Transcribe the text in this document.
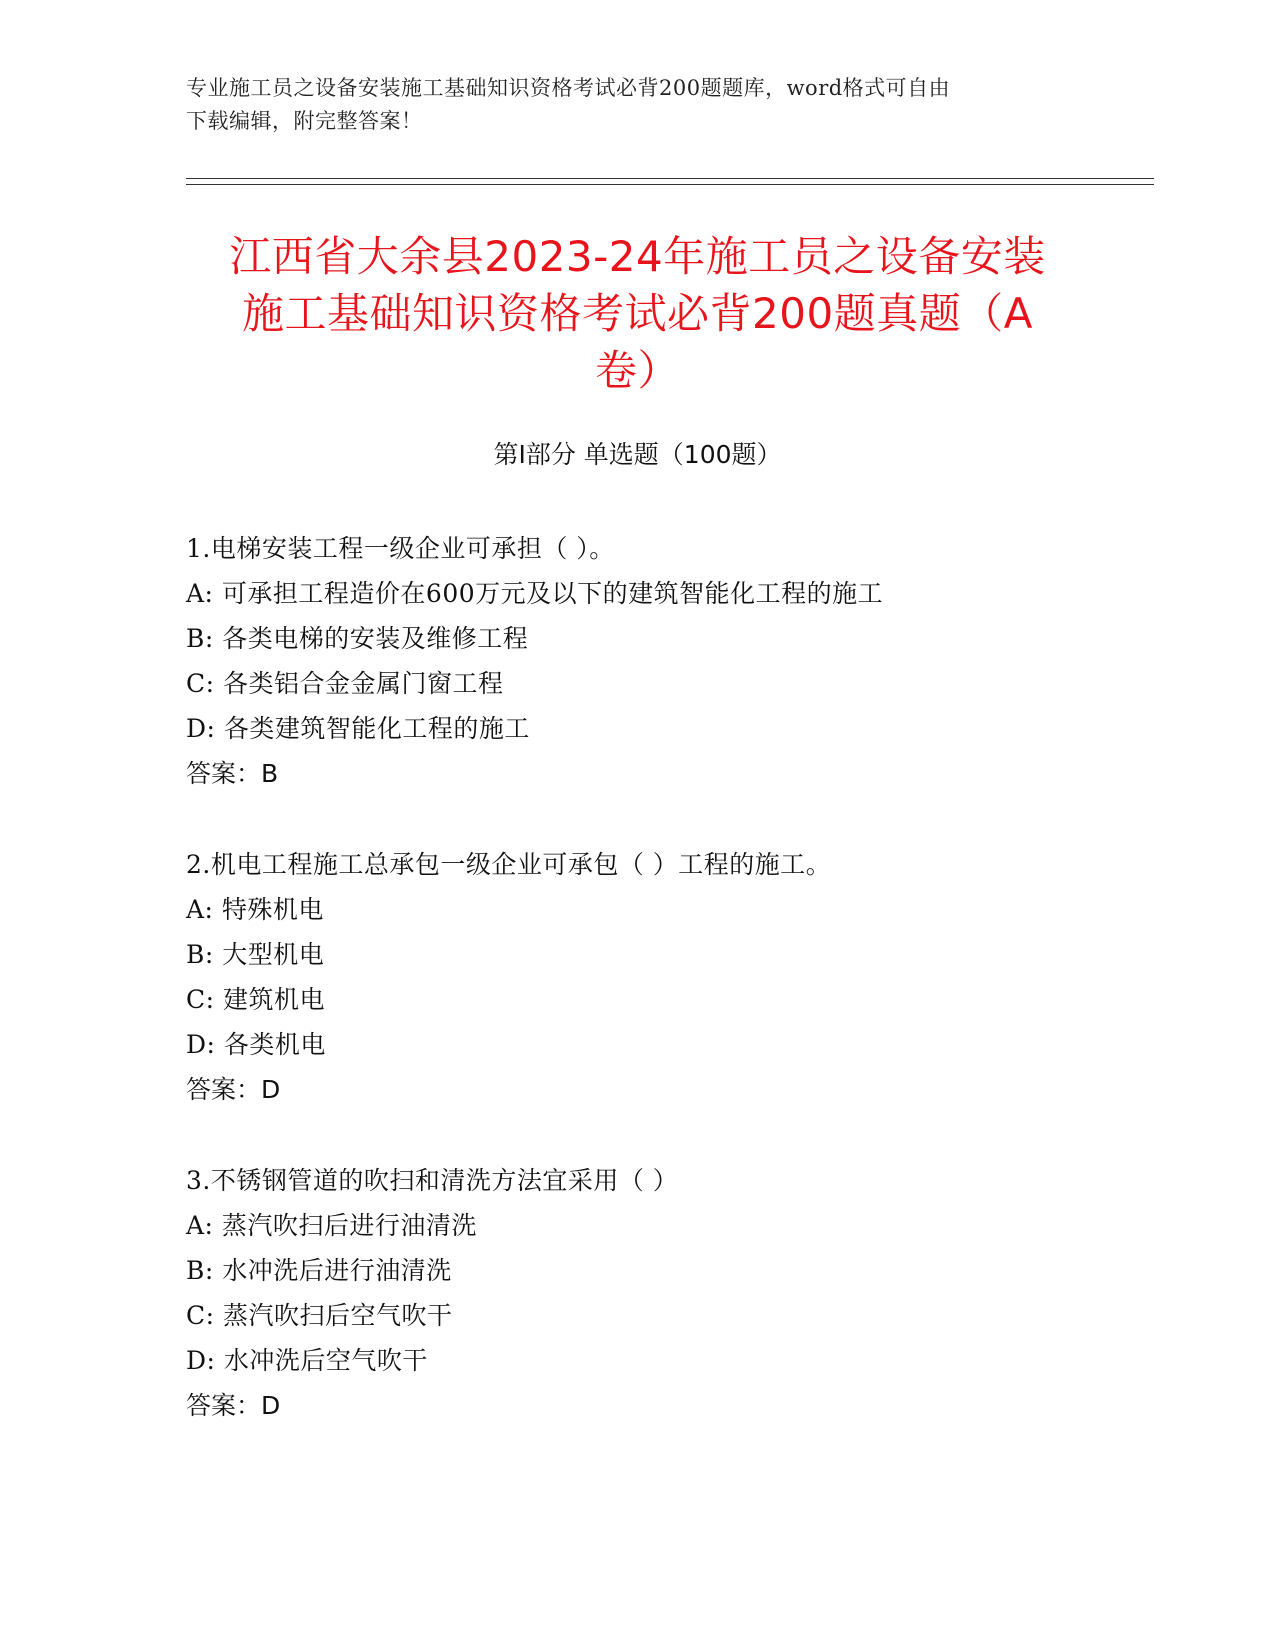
专业施工员之设备安装施工基础知识资格考试必背200题题库，word格式可自由
下载编辑，附完整答案！
江西省大余县2023-24年施工员之设备安装
施工基础知识资格考试必背200题真题（A
卷）
第I部分 单选题（100题）
1.电梯安装工程一级企业可承担（ ）。
A: 可承担工程造价在600万元及以下的建筑智能化工程的施工
B: 各类电梯的安装及维修工程
C: 各类铝合金金属门窗工程
D: 各类建筑智能化工程的施工
答案：B
2.机电工程施工总承包一级企业可承包（ ）工程的施工。
A: 特殊机电
B: 大型机电
C: 建筑机电
D: 各类机电
答案：D
3.不锈钢管道的吹扫和清洗方法宜采用（ ）
A: 蒸汽吹扫后进行油清洗
B: 水冲洗后进行油清洗
C: 蒸汽吹扫后空气吹干
D: 水冲洗后空气吹干
答案：D
